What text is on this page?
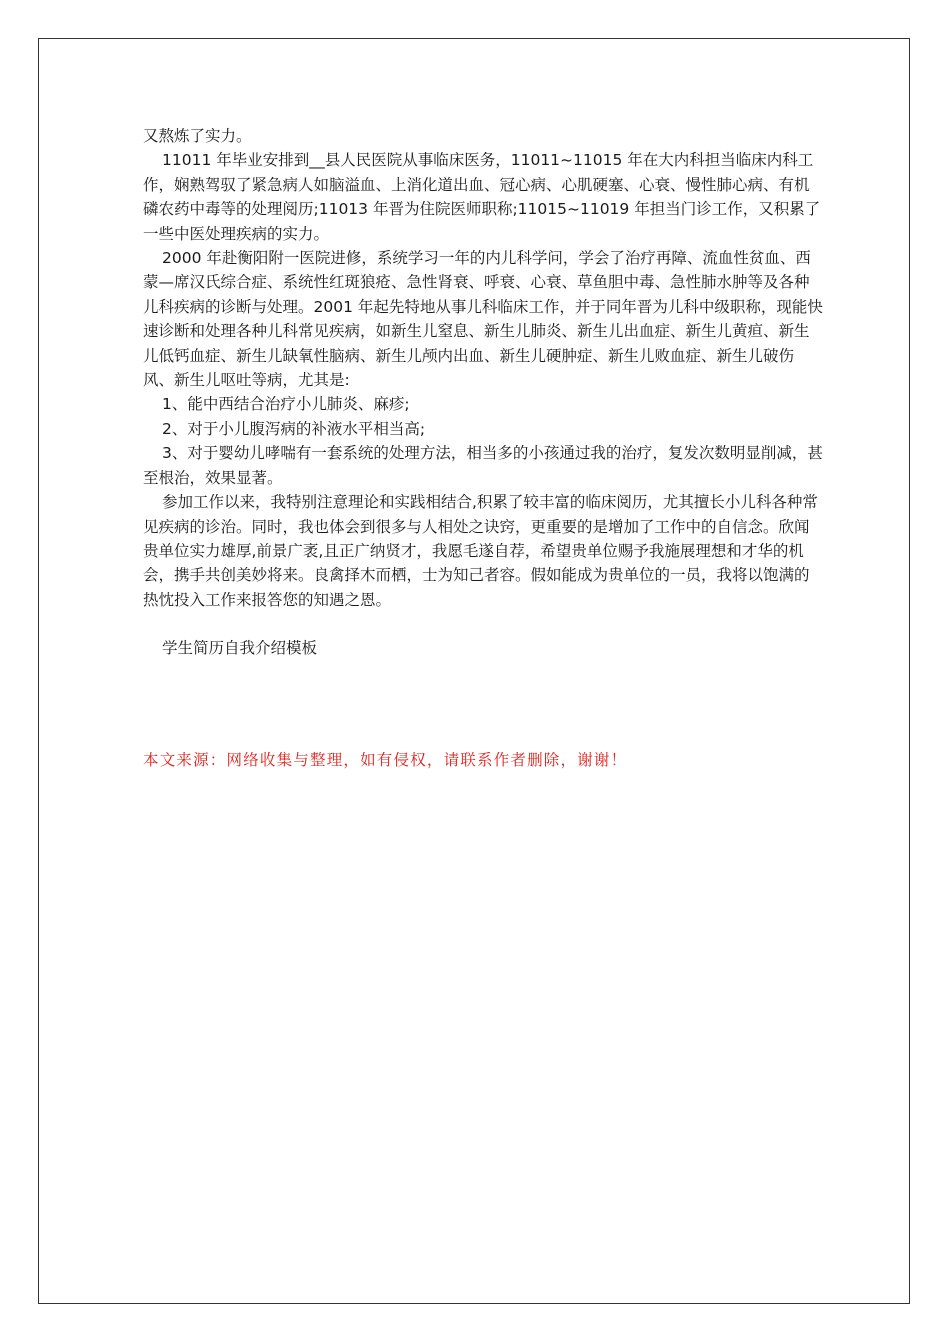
又熬炼了实力。

11011 年毕业安排到__县人民医院从事临床医务，11011~11015 年在大内科担当临床内科工作，娴熟驾驭了紧急病人如脑溢血、上消化道出血、冠心病、心肌硬塞、心衰、慢性肺心病、有机磷农药中毒等的处理阅历;11013 年晋为住院医师职称;11015~11019 年担当门诊工作，又积累了一些中医处理疾病的实力。

2000 年赴衡阳附一医院进修，系统学习一年的内儿科学问，学会了治疗再障、流血性贫血、西蒙—席汉氏综合症、系统性红斑狼疮、急性肾衰、呼衰、心衰、草鱼胆中毒、急性肺水肿等及各种儿科疾病的诊断与处理。2001 年起先特地从事儿科临床工作，并于同年晋为儿科中级职称，现能快速诊断和处理各种儿科常见疾病，如新生儿窒息、新生儿肺炎、新生儿出血症、新生儿黄疸、新生儿低钙血症、新生儿缺氧性脑病、新生儿颅内出血、新生儿硬肿症、新生儿败血症、新生儿破伤风、新生儿呕吐等病，尤其是:

1、能中西结合治疗小儿肺炎、麻疹;

2、对于小儿腹泻病的补液水平相当高;

3、对于婴幼儿哮喘有一套系统的处理方法，相当多的小孩通过我的治疗，复发次数明显削减，甚至根治，效果显著。

参加工作以来，我特别注意理论和实践相结合,积累了较丰富的临床阅历，尤其擅长小儿科各种常见疾病的诊治。同时，我也体会到很多与人相处之诀窍，更重要的是增加了工作中的自信念。欣闻贵单位实力雄厚,前景广袤,且正广纳贤才，我愿毛遂自荐，希望贵单位赐予我施展理想和才华的机会，携手共创美妙将来。良禽择木而栖，士为知己者容。假如能成为贵单位的一员，我将以饱满的热忱投入工作来报答您的知遇之恩。

学生简历自我介绍模板

本文来源：网络收集与整理，如有侵权，请联系作者删除，谢谢！
